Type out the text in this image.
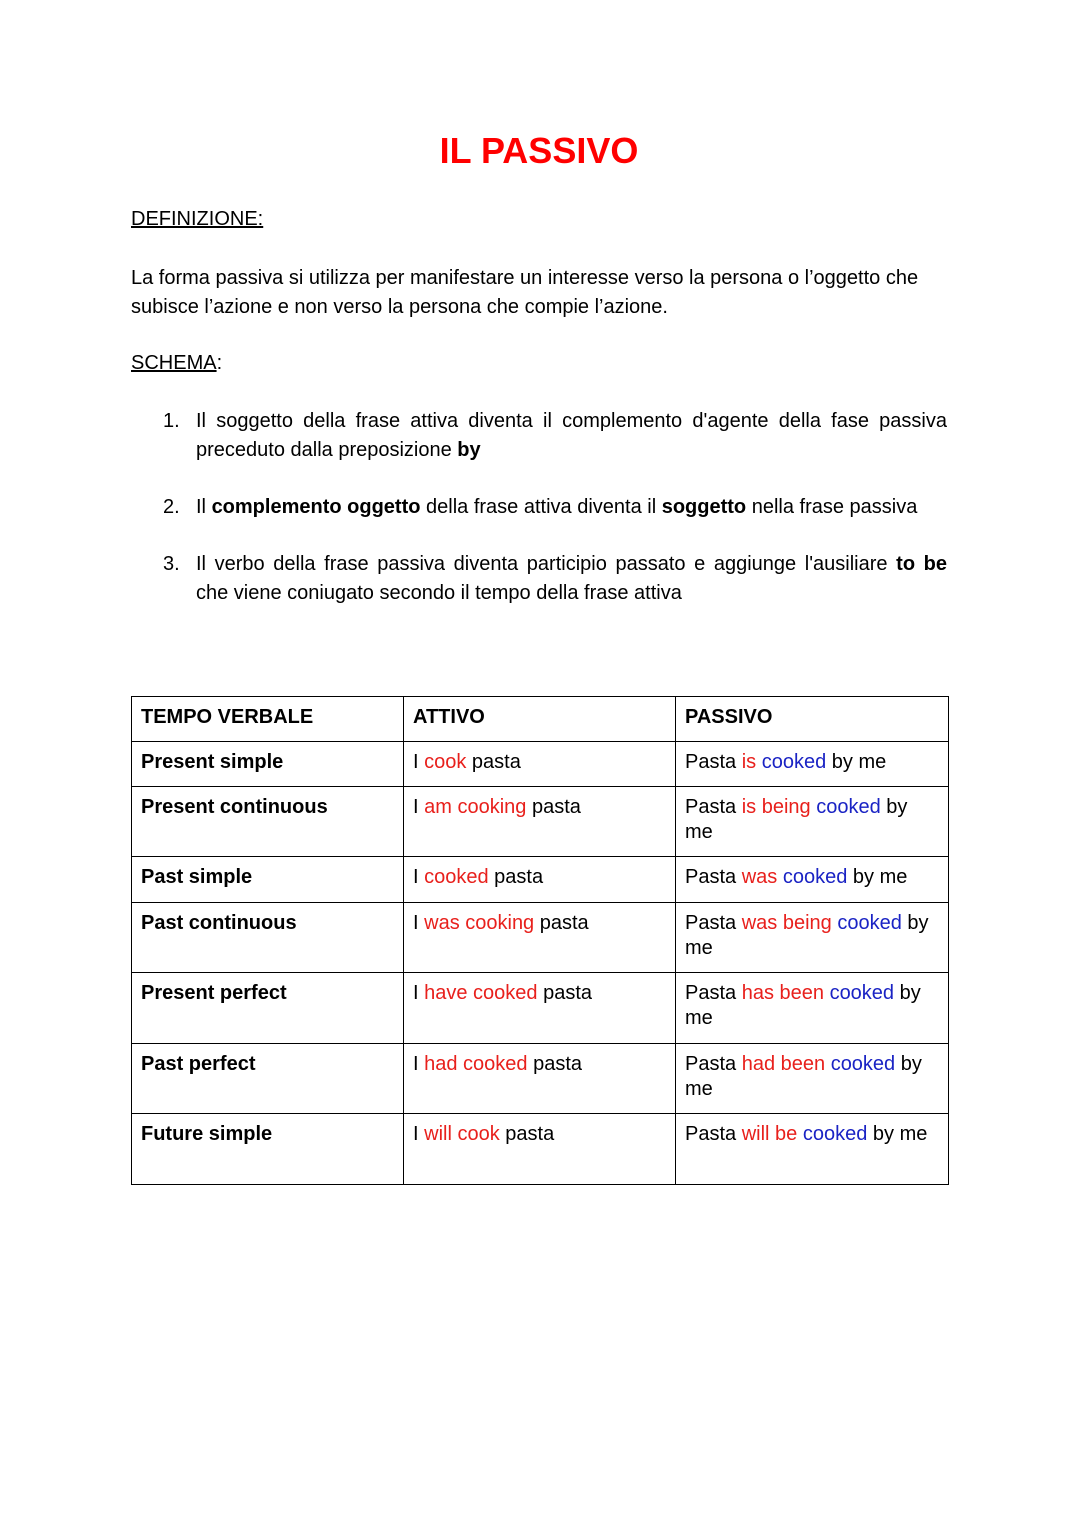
IL PASSIVO

DEFINIZIONE:

La forma passiva si utilizza per manifestare un interesse verso la persona o l’oggetto che subisce l’azione e non verso la persona che compie l’azione.

SCHEMA:

1. Il soggetto della frase attiva diventa il complemento d'agente della fase passiva preceduto dalla preposizione by
2. Il complemento oggetto della frase attiva diventa il soggetto nella frase passiva
3. Il verbo della frase passiva diventa participio passato e aggiunge l'ausiliare to be che viene coniugato secondo il tempo della frase attiva
TEMPO VERBALE	ATTIVO	PASSIVO
Present simple	I cook pasta	Pasta is cooked by me
Present continuous	I am cooking pasta	Pasta is being cooked by me
Past simple	I cooked pasta	Pasta was cooked by me
Past continuous	I was cooking pasta	Pasta was being cooked by me
Present perfect	I have cooked pasta	Pasta has been cooked by me
Past perfect	I had cooked pasta	Pasta had been cooked by me
Future simple	I will cook pasta	Pasta will be cooked by me
